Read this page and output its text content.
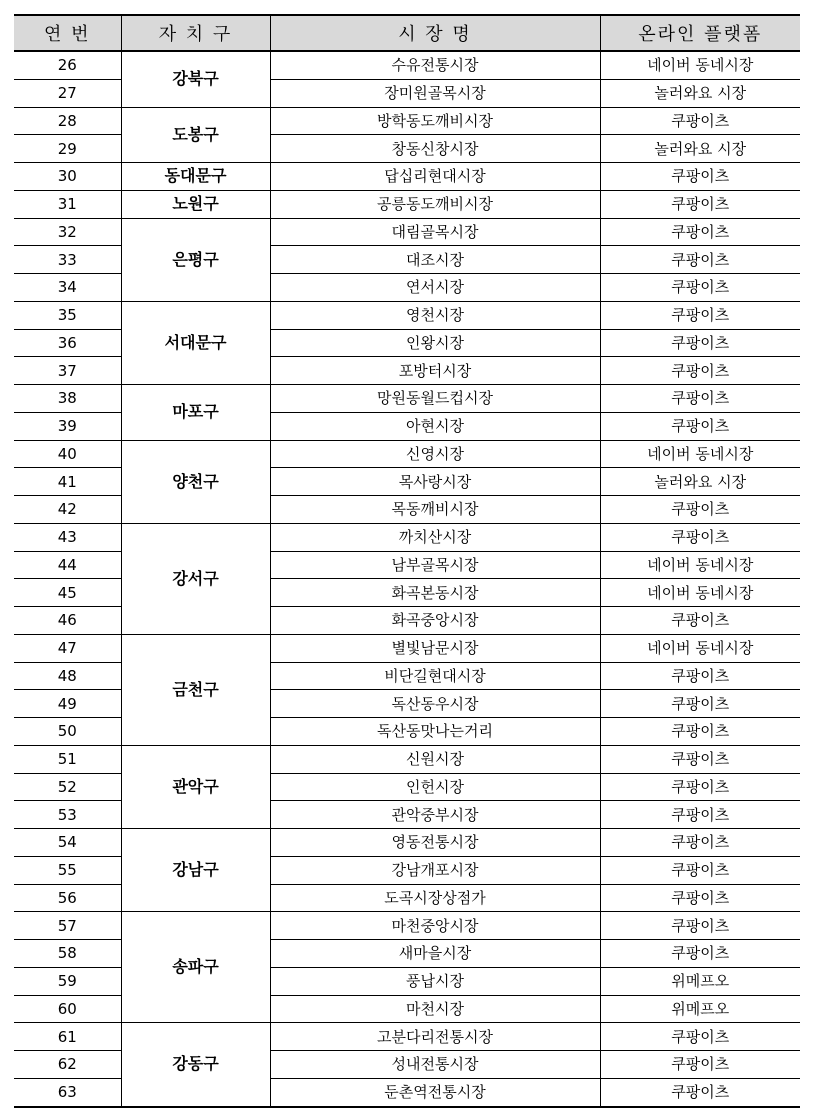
연 번	자 치 구	시 장 명	온라인 플랫폼
26	강북구	수유전통시장	네이버 동네시장
27		장미원골목시장	놀러와요 시장
28	도봉구	방학동도깨비시장	쿠팡이츠
29		창동신창시장	놀러와요 시장
30	동대문구	답십리현대시장	쿠팡이츠
31	노원구	공릉동도깨비시장	쿠팡이츠
32	은평구	대림골목시장	쿠팡이츠
33		대조시장	쿠팡이츠
34		연서시장	쿠팡이츠
35	서대문구	영천시장	쿠팡이츠
36		인왕시장	쿠팡이츠
37		포방터시장	쿠팡이츠
38	마포구	망원동월드컵시장	쿠팡이츠
39		아현시장	쿠팡이츠
40	양천구	신영시장	네이버 동네시장
41		목사랑시장	놀러와요 시장
42		목동깨비시장	쿠팡이츠
43	강서구	까치산시장	쿠팡이츠
44		남부골목시장	네이버 동네시장
45		화곡본동시장	네이버 동네시장
46		화곡중앙시장	쿠팡이츠
47	금천구	별빛남문시장	네이버 동네시장
48		비단길현대시장	쿠팡이츠
49		독산동우시장	쿠팡이츠
50		독산동맛나는거리	쿠팡이츠
51	관악구	신원시장	쿠팡이츠
52		인헌시장	쿠팡이츠
53		관악중부시장	쿠팡이츠
54	강남구	영동전통시장	쿠팡이츠
55		강남개포시장	쿠팡이츠
56		도곡시장상점가	쿠팡이츠
57	송파구	마천중앙시장	쿠팡이츠
58		새마을시장	쿠팡이츠
59		풍납시장	위메프오
60		마천시장	위메프오
61	강동구	고분다리전통시장	쿠팡이츠
62		성내전통시장	쿠팡이츠
63		둔촌역전통시장	쿠팡이츠
